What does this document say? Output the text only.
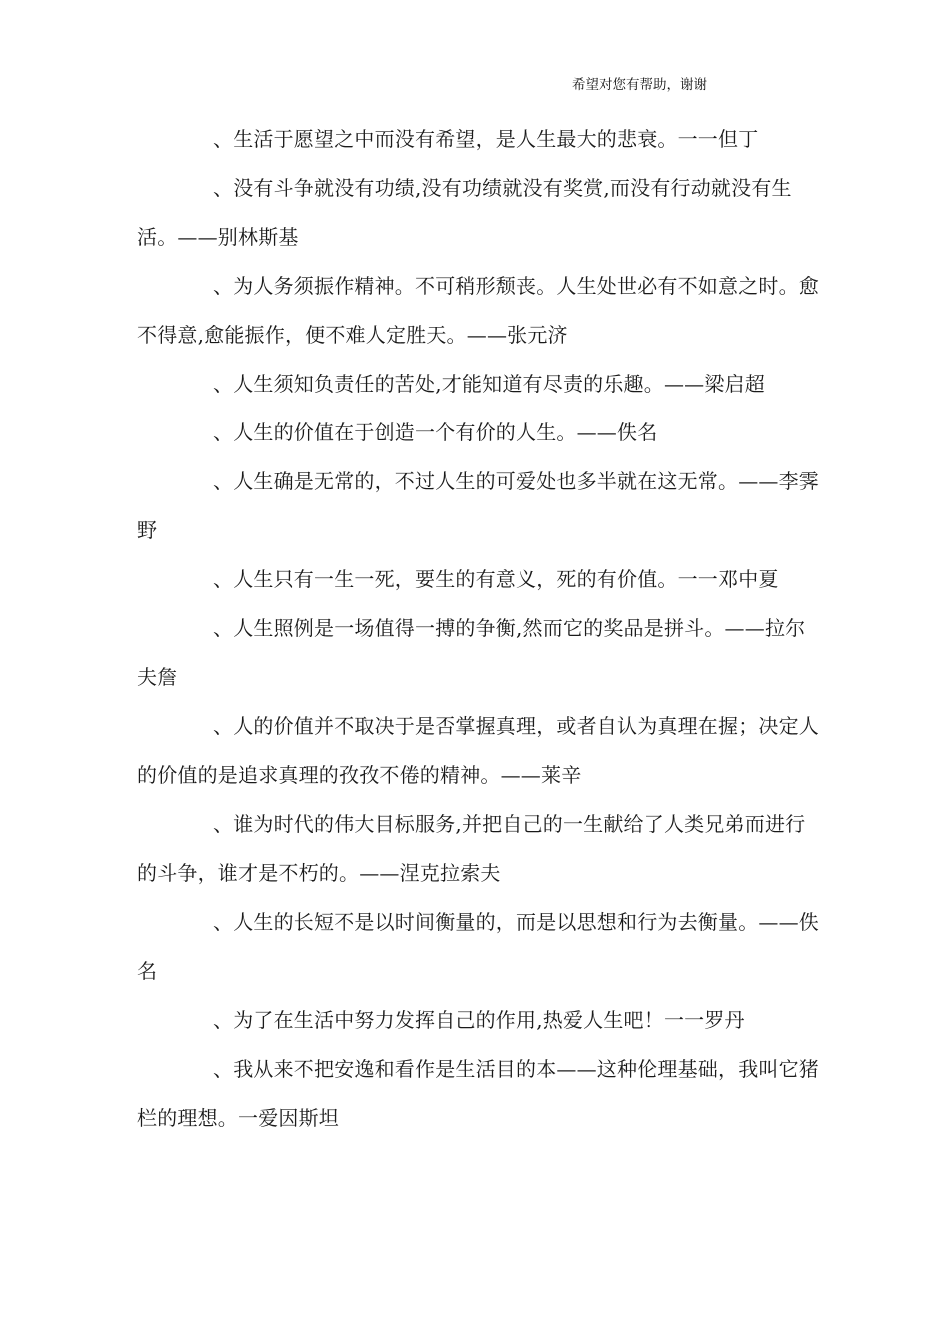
希望对您有帮助，谢谢

、生活于愿望之中而没有希望，是人生最大的悲衰。一一但丁

、没有斗争就没有功绩,没有功绩就没有奖赏,而没有行动就没有生活。——别林斯基

、为人务须振作精神。不可稍形颓丧。人生处世必有不如意之时。愈不得意,愈能振作，便不难人定胜天。——张元济

、人生须知负责任的苦处,才能知道有尽责的乐趣。——梁启超

、人生的价值在于创造一个有价的人生。——佚名

、人生确是无常的，不过人生的可爱处也多半就在这无常。——李霁野

、人生只有一生一死，要生的有意义，死的有价值。一一邓中夏

、人生照例是一场值得一搏的争衡,然而它的奖品是拼斗。——拉尔夫詹

、人的价值并不取决于是否掌握真理，或者自认为真理在握；决定人的价值的是追求真理的孜孜不倦的精神。——莱辛

、谁为时代的伟大目标服务,并把自己的一生献给了人类兄弟而进行的斗争，谁才是不朽的。——涅克拉索夫

、人生的长短不是以时间衡量的，而是以思想和行为去衡量。——佚名

、为了在生活中努力发挥自己的作用,热爱人生吧！一一罗丹

、我从来不把安逸和看作是生活目的本——这种伦理基础，我叫它猪栏的理想。一爱因斯坦
